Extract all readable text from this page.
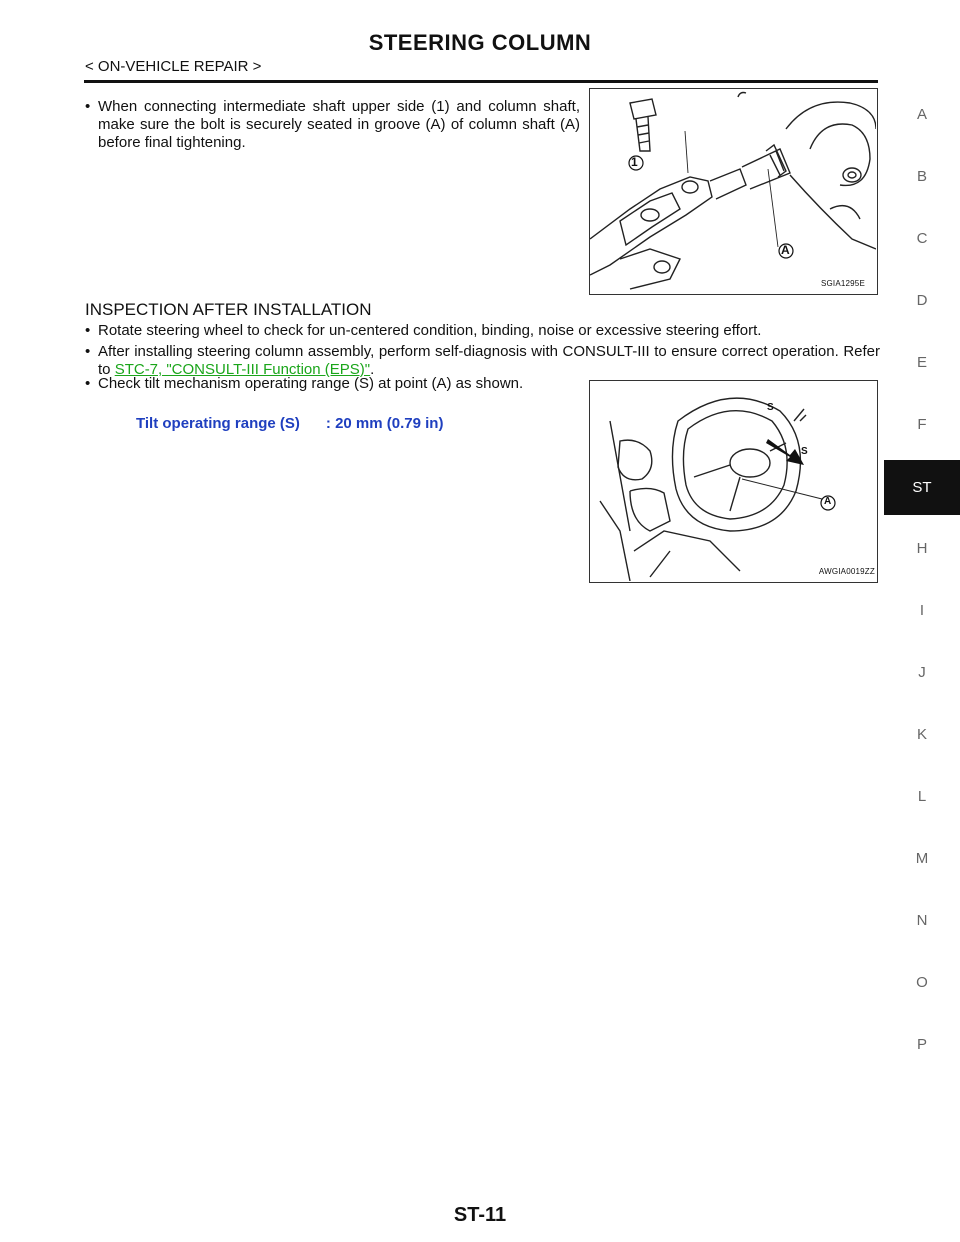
STEERING COLUMN
< ON-VEHICLE REPAIR >
• When connecting intermediate shaft upper side (1) and column shaft, make sure the bolt is securely seated in groove (A) of column shaft (A) before final tightening.
1
A
SGIA1295E
INSPECTION AFTER INSTALLATION
• Rotate steering wheel to check for un-centered condition, binding, noise or excessive steering effort.
• After installing steering column assembly, perform self-diagnosis with CONSULT-III to ensure correct operation. Refer to STC-7, "CONSULT-III Function (EPS)".
• Check tilt mechanism operating range (S) at point (A) as shown.
Tilt operating range (S) : 20 mm (0.79 in)
S
S
A
AWGIA0019ZZ
A
B
C
D
E
F
ST
H
I
J
K
L
M
N
O
P
ST-11
